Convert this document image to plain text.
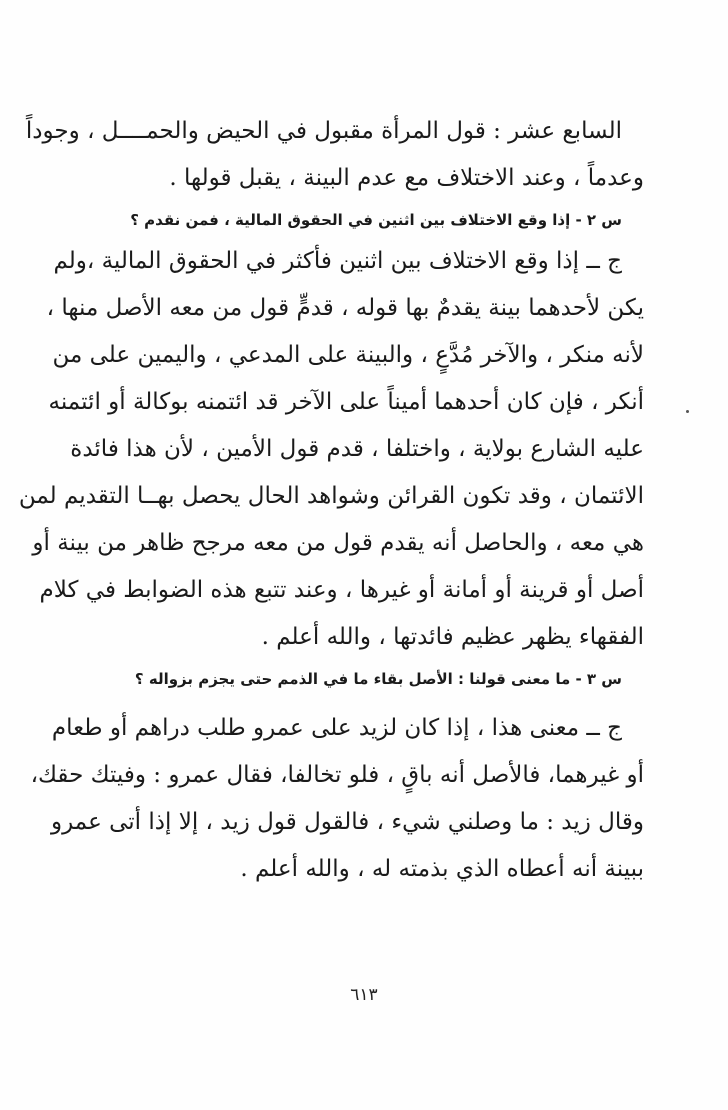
السابع عشر : قول المرأة مقبول في الحيض والحمــــل ، وجوداً
وعدماً ، وعند الاختلاف مع عدم البينة ، يقبل قولها .
س ٢ - إذا وقع الاختلاف بين اثنين في الحقوق المالية ، فمن نقدم ؟
ج ــ إذا وقع الاختلاف بين اثنين فأكثر في الحقوق المالية ،ولم
يكن لأحدهما بينة يقدمٌ بها قوله ، قدمٍّ قول من معه الأصل منها ،
لأنه منكر ، والآخر مُدَّعٍ ، والبينة على المدعي ، واليمين على من
أنكر ، فإن كان أحدهما أميناً على الآخر قد ائتمنه بوكالة أو ائتمنه
عليه الشارع بولاية ، واختلفا ، قدم قول الأمين ، لأن هذا فائدة
الائتمان ، وقد تكون القرائن وشواهد الحال يحصل بهــا التقديم لمن
هي معه ، والحاصل أنه يقدم قول من معه مرجح ظاهر من بينة أو
أصل أو قرينة أو أمانة أو غيرها ، وعند تتبع هذه الضوابط في كلام
الفقهاء يظهر عظيم فائدتها ، والله أعلم .
س ٣ - ما معنى قولنا : الأصل بقاء ما في الذمم حتى يجزم بزواله ؟
ج ــ معنى هذا ، إذا كان لزيد على عمرو طلب دراهم أو طعام
أو غيرهما، فالأصل أنه باقٍ ، فلو تخالفا، فقال عمرو : وفيتك حقك،
وقال زيد : ما وصلني شيء ، فالقول قول زيد ، إلا إذا أتى عمرو
ببينة أنه أعطاه الذي بذمته له ، والله أعلم .
٦١٣
